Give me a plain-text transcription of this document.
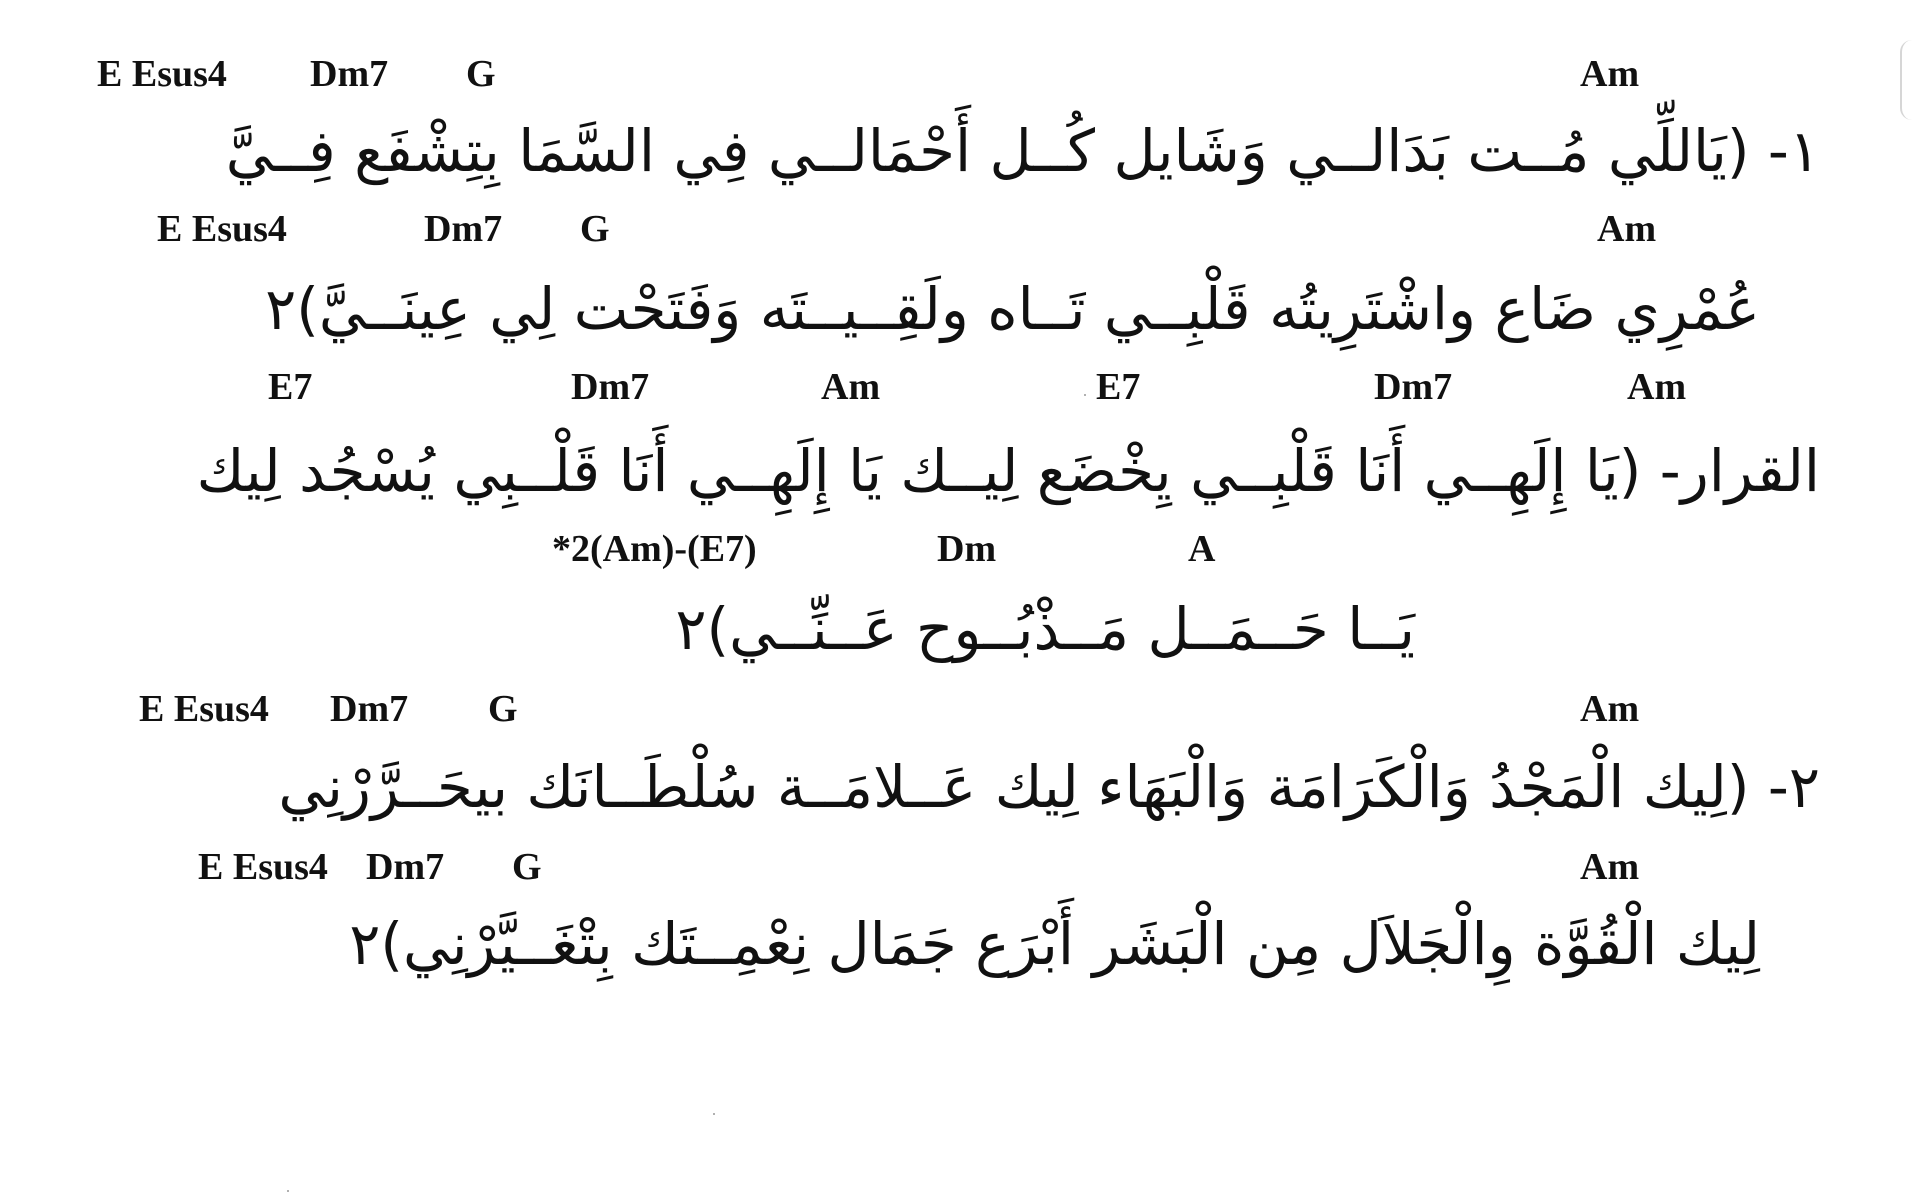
E Esus4 Dm7 G	Am
١- (يَاللِّي مُــت بَدَالــي وَشَايل كُــل أَحْمَالــي فِي السَّمَا بِتِشْفَع فِــيَّ
E Esus4	Dm7 G	Am
عُمْرِي ضَاع واشْتَرِيتُه قَلْبِــي تَــاه ولَقِــيــتَه وَفَتَحْت لِي عِينَــيَّ)٢
E7	Dm7	Am	E7	Dm7	Am
القرار- (يَا إِلَهِــي أَنَا قَلْبِــي يِخْضَع لِيــك يَا إِلَهِــي أَنَا قَلْــبِي يُسْجُد لِيك
*2(Am)-(E7)	Dm	A
يَــا حَــمَــل مَــذْبُــوح عَــنِّــي)٢
E Esus4 Dm7 G	Am
٢- (لِيك الْمَجْدُ وَالْكَرَامَة وَالْبَهَاء لِيك عَــلامَــة سُلْطَــانَك بيحَــرَّرْنِي
E Esus4 Dm7 G	Am
لِيك الْقُوَّة وِالْجَلاَل مِن الْبَشَر أَبْرَع جَمَال نِعْمِــتَك بِتْغَــيَّرْنِي)٢
